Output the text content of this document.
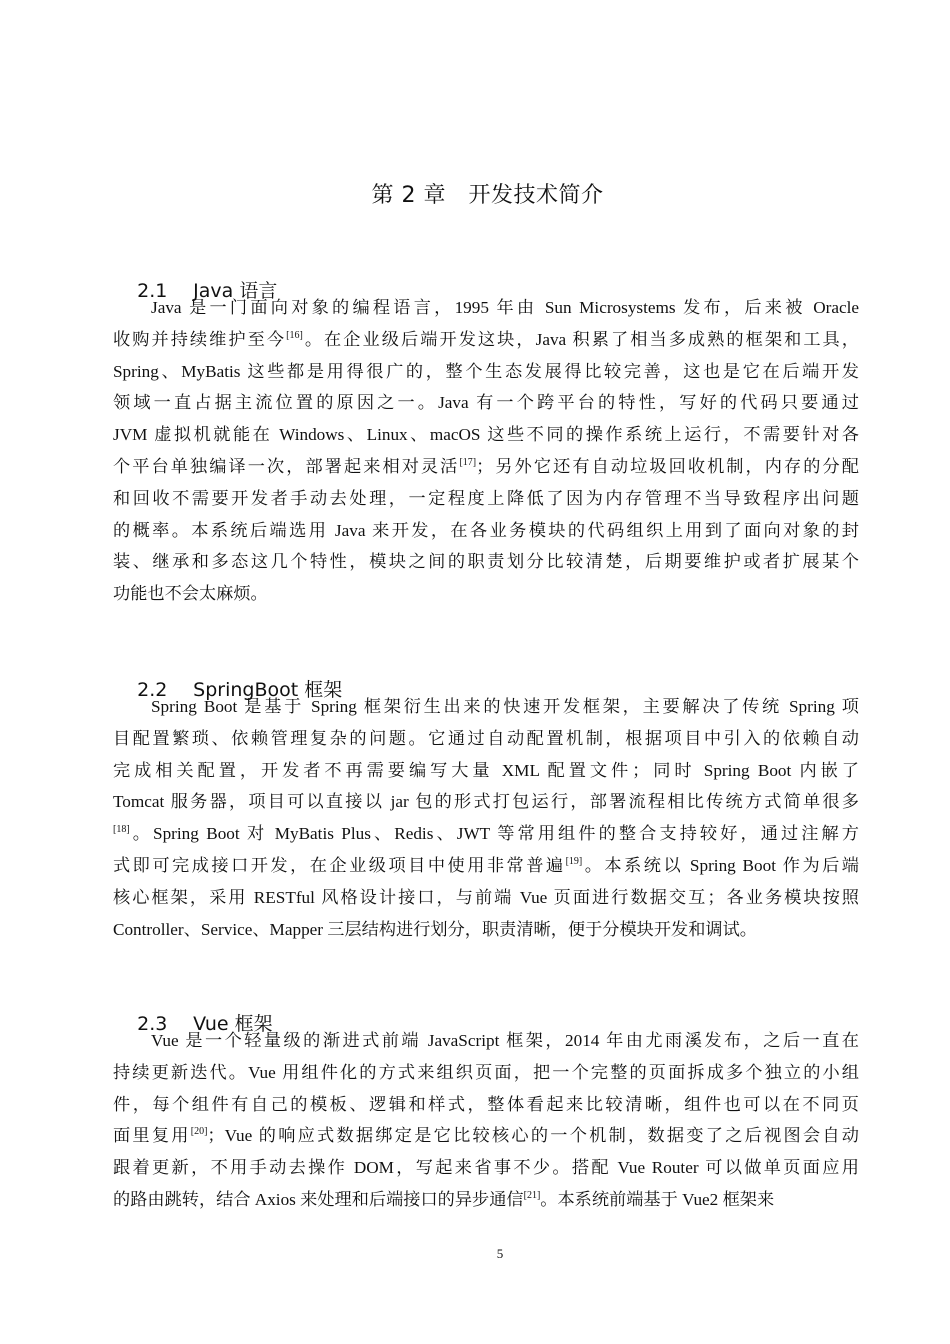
第 2 章　开发技术简介

2.1 Java 语言

Java 是一门面向对象的编程语言，1995 年由 Sun Microsystems 发布，后来被 Oracle
收购并持续维护至今[16]。在企业级后端开发这块，Java 积累了相当多成熟的框架和工具，
Spring、MyBatis 这些都是用得很广的，整个生态发展得比较完善，这也是它在后端开发
领域一直占据主流位置的原因之一。Java 有一个跨平台的特性，写好的代码只要通过
JVM 虚拟机就能在 Windows、Linux、macOS 这些不同的操作系统上运行，不需要针对各
个平台单独编译一次，部署起来相对灵活[17]；另外它还有自动垃圾回收机制，内存的分配
和回收不需要开发者手动去处理，一定程度上降低了因为内存管理不当导致程序出问题
的概率。本系统后端选用 Java 来开发，在各业务模块的代码组织上用到了面向对象的封
装、继承和多态这几个特性，模块之间的职责划分比较清楚，后期要维护或者扩展某个
功能也不会太麻烦。

2.2 SpringBoot 框架

Spring Boot 是基于 Spring 框架衍生出来的快速开发框架，主要解决了传统 Spring 项
目配置繁琐、依赖管理复杂的问题。它通过自动配置机制，根据项目中引入的依赖自动
完成相关配置，开发者不再需要编写大量 XML 配置文件；同时 Spring Boot 内嵌了
Tomcat 服务器，项目可以直接以 jar 包的形式打包运行，部署流程相比传统方式简单很多
[18]。Spring Boot 对 MyBatis Plus、Redis、JWT 等常用组件的整合支持较好，通过注解方
式即可完成接口开发，在企业级项目中使用非常普遍[19]。本系统以 Spring Boot 作为后端
核心框架，采用 RESTful 风格设计接口，与前端 Vue 页面进行数据交互；各业务模块按照
Controller、Service、Mapper 三层结构进行划分，职责清晰，便于分模块开发和调试。

2.3 Vue 框架

Vue 是一个轻量级的渐进式前端 JavaScript 框架，2014 年由尤雨溪发布，之后一直在
持续更新迭代。Vue 用组件化的方式来组织页面，把一个完整的页面拆成多个独立的小组
件，每个组件有自己的模板、逻辑和样式，整体看起来比较清晰，组件也可以在不同页
面里复用[20]；Vue 的响应式数据绑定是它比较核心的一个机制，数据变了之后视图会自动
跟着更新，不用手动去操作 DOM，写起来省事不少。搭配 Vue Router 可以做单页面应用
的路由跳转，结合 Axios 来处理和后端接口的异步通信[21]。本系统前端基于 Vue2 框架来
5
